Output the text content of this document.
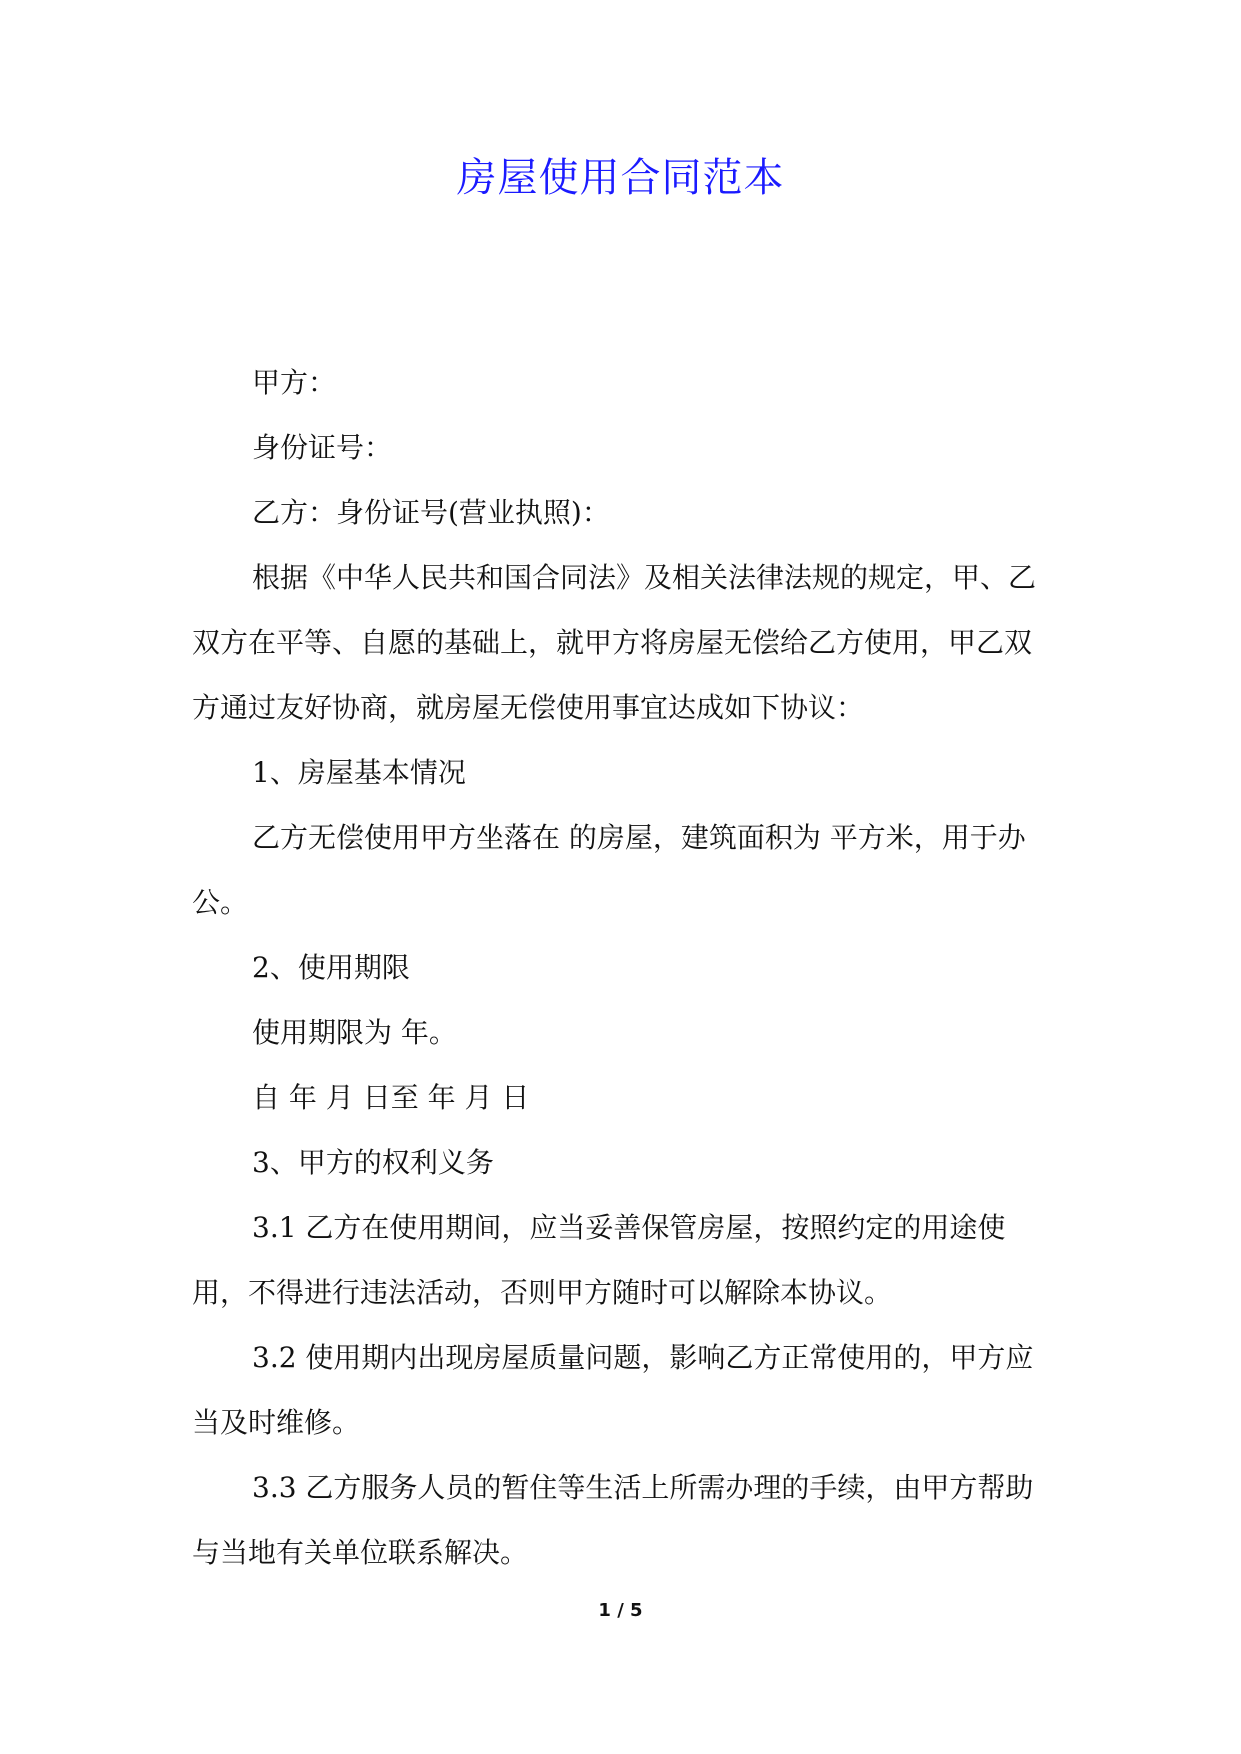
房屋使用合同范本

甲方：

身份证号：

乙方：身份证号(营业执照)：

根据《中华人民共和国合同法》及相关法律法规的规定，甲、乙双方在平等、自愿的基础上，就甲方将房屋无偿给乙方使用，甲乙双方通过友好协商，就房屋无偿使用事宜达成如下协议：

1、房屋基本情况

乙方无偿使用甲方坐落在 的房屋，建筑面积为 平方米，用于办公。

2、使用期限

使用期限为 年。

自 年 月 日至 年 月 日

3、甲方的权利义务

3.1 乙方在使用期间，应当妥善保管房屋，按照约定的用途使用，不得进行违法活动，否则甲方随时可以解除本协议。

3.2 使用期内出现房屋质量问题，影响乙方正常使用的，甲方应当及时维修。

3.3 乙方服务人员的暂住等生活上所需办理的手续，由甲方帮助与当地有关单位联系解决。

1 / 5
